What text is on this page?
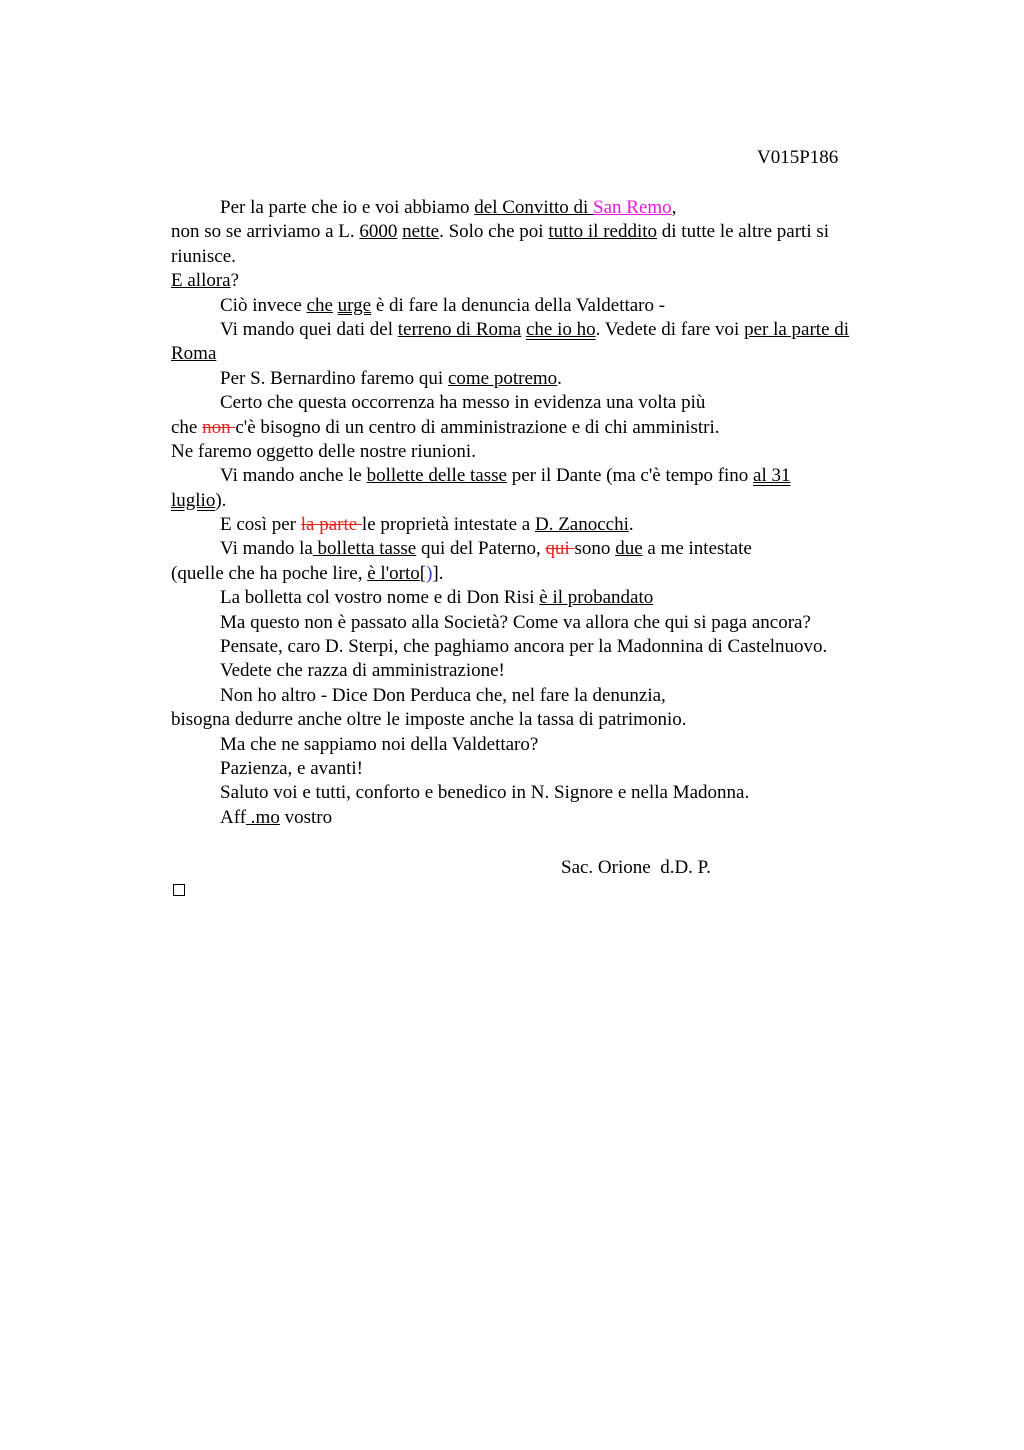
V015P186
Per la parte che io e voi abbiamo del Convitto di San Remo,
non so se arriviamo a L. 6000 nette. Solo che poi tutto il reddito di tutte le altre parti si
riunisce.
E allora?
Ciò invece che urge è di fare la denuncia della Valdettaro -
Vi mando quei dati del terreno di Roma che io ho. Vedete di fare voi per la parte di
Roma
Per S. Bernardino faremo qui come potremo.
Certo che questa occorrenza ha messo in evidenza una volta più
che non c'è bisogno di un centro di amministrazione e di chi amministri.
Ne faremo oggetto delle nostre riunioni.
Vi mando anche le bollette delle tasse per il Dante (ma c'è tempo fino al 31
luglio).
E così per la parte le proprietà intestate a D. Zanocchi.
Vi mando la bolletta tasse qui del Paterno, qui sono due a me intestate
(quelle che ha poche lire, è l'orto[)].
La bolletta col vostro nome e di Don Risi è il probandato
Ma questo non è passato alla Società? Come va allora che qui si paga ancora?
Pensate, caro D. Sterpi, che paghiamo ancora per la Madonnina di Castelnuovo.
Vedete che razza di amministrazione!
Non ho altro - Dice Don Perduca che, nel fare la denunzia,
bisogna dedurre anche oltre le imposte anche la tassa di patrimonio.
Ma che ne sappiamo noi della Valdettaro?
Pazienza, e avanti!
Saluto voi e tutti, conforto e benedico in N. Signore e nella Madonna.
Aff .mo vostro
Sac. Orione  d.D. P.
